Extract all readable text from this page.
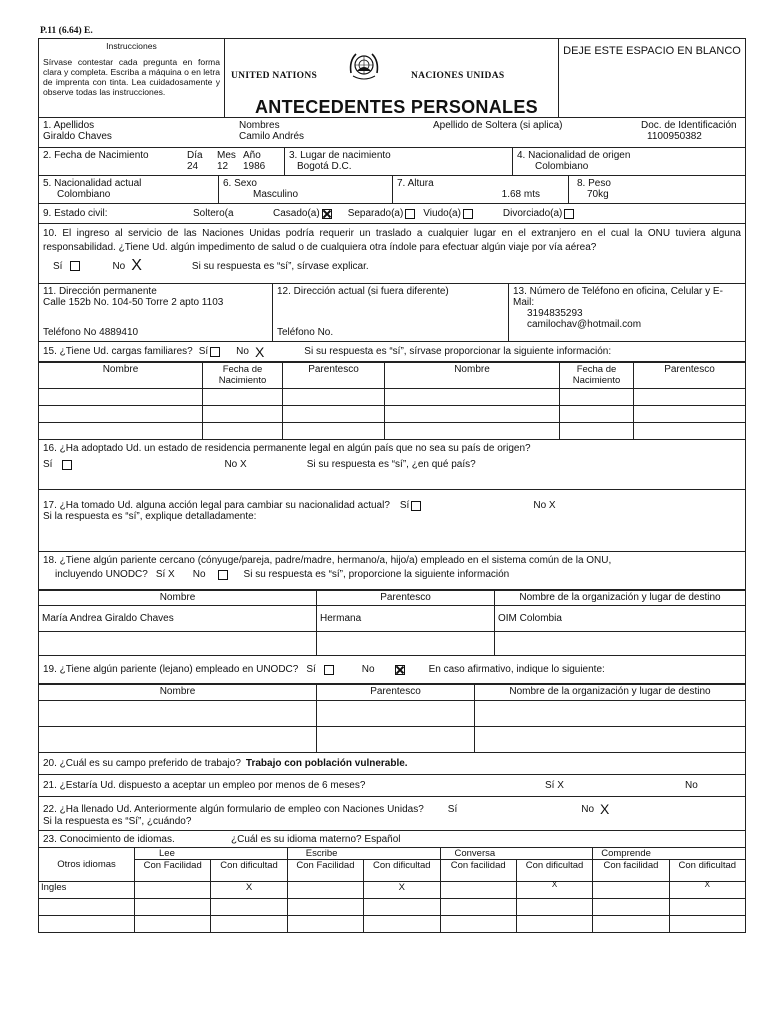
P.11 (6.64) E.
Instrucciones
Sírvase contestar cada pregunta en forma clara y completa. Escriba a máquina o en letra de imprenta con tinta. Lea cuidadosamente y observe todas las instrucciones.
UNITED NATIONS	NACIONES UNIDAS
ANTECEDENTES PERSONALES
DEJE ESTE ESPACIO EN BLANCO
1. Apellidos
Giraldo Chaves
Nombres
Camilo Andrés
Apellido de Soltera (si aplica)	Doc. de Identificación
1100950382
2. Fecha de Nacimiento	Día
24
Mes
12
Año
1986
3. Lugar de nacimiento
Bogotá D.C.
4. Nacionalidad de origen
Colombiano
5. Nacionalidad actual
Colombiano
6. Sexo
Masculino
7. Altura
1.68 mts
8. Peso
70kg
9. Estado civil:	Soltero(a	Casado(a)	Separado(a) Viudo(a)	Divorciado(a)
10. El ingreso al servicio de las Naciones Unidas podría requerir un traslado a cualquier lugar en el extranjero en el cual la ONU tuviera alguna responsabilidad. ¿Tiene Ud. algún impedimento de salud o de cualquiera otra índole para efectuar algún viaje por vía aérea?
Sí	No X	Si su respuesta es “sí”, sírvase explicar.
11. Dirección permanente
Calle 152b No. 104-50 Torre 2 apto 1103
Teléfono No 4889410
12. Dirección actual (si fuera diferente)
Teléfono No.
13. Número de Teléfono en oficina, Celular y E-Mail:
3194835293
camilochav@hotmail.com
15. ¿Tiene Ud. cargas familiares? Sí	No X	Si su respuesta es “sí”, sírvase proporcionar la siguiente información:
Nombre	Fecha de Nacimiento	Parentesco	Nombre	Fecha de Nacimiento	Parentesco

16. ¿Ha adoptado Ud. un estado de residencia permanente legal en algún país que no sea su país de origen?
Sí	No X	Si su respuesta es “sí”, ¿en qué país?
17. ¿Ha tomado Ud. alguna acción legal para cambiar su nacionalidad actual? Sí	No X
Si la respuesta es “sí”, explique detalladamente:
18. ¿Tiene algún pariente cercano (cónyuge/pareja, padre/madre, hermano/a, hijo/a) empleado en el sistema común de la ONU,
incluyendo UNODC? Sí X No	Si su respuesta es “sí”, proporcione la siguiente información
Nombre	Parentesco	Nombre de la organización y lugar de destino
María Andrea Giraldo Chaves	Hermana	OIM Colombia

19. ¿Tiene algún pariente (lejano) empleado en UNODC? Sí	No	En caso afirmativo, indique lo siguiente:
Nombre	Parentesco	Nombre de la organización y lugar de destino

20. ¿Cuál es su campo preferido de trabajo? Trabajo con población vulnerable.
21. ¿Estaría Ud. dispuesto a aceptar un empleo por menos de 6 meses?	Sí X	No
22. ¿Ha llenado Ud. Anteriormente algún formulario de empleo con Naciones Unidas? Sí	No X
Si la respuesta es “Sí”, ¿cuándo?
23. Conocimiento de idiomas.	¿Cuál es su idioma materno? Español
Otros idiomas	Lee		Escribe		Conversa		Comprende	
	Con Facilidad	Con dificultad	Con Facilidad	Con dificultad	Con facilidad	Con dificultad	Con facilidad	Con dificultad
Ingles		X		X		X		X
